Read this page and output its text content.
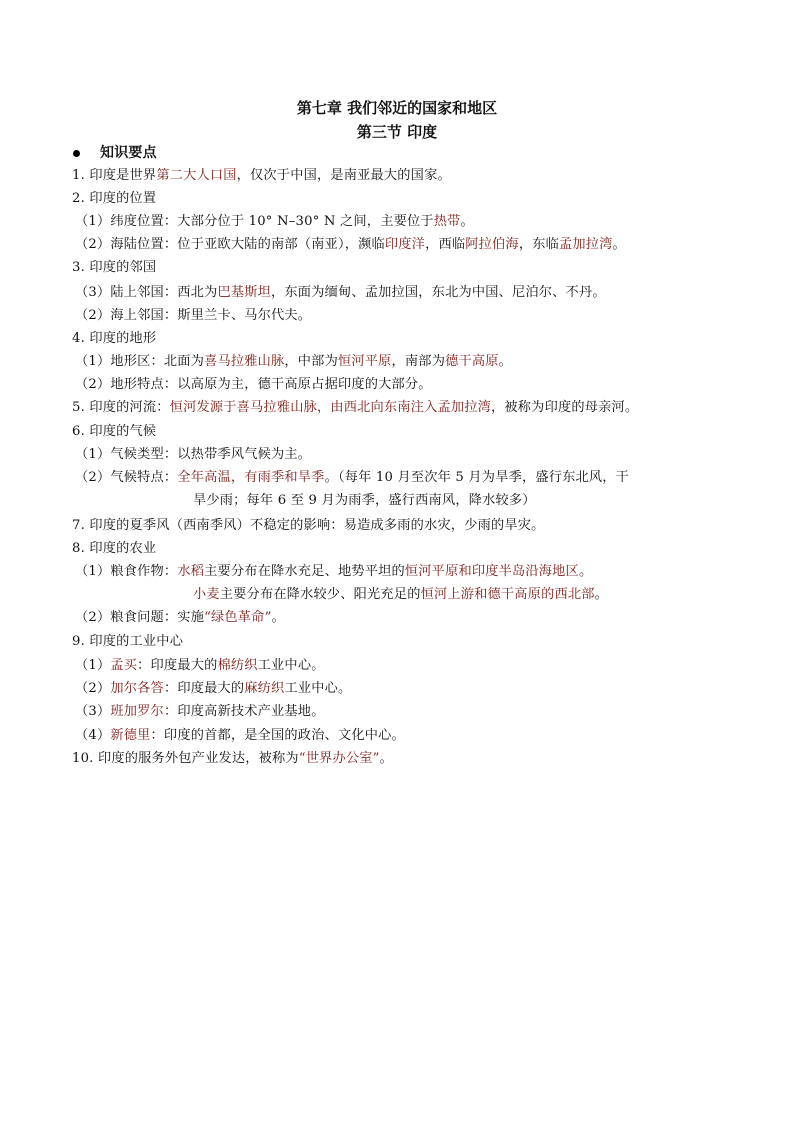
第七章 我们邻近的国家和地区
第三节 印度
知识要点
1. 印度是世界第二大人口国，仅次于中国，是南亚最大的国家。
2. 印度的位置
（1）纬度位置：大部分位于 10° N–30° N 之间，主要位于热带。
（2）海陆位置：位于亚欧大陆的南部（南亚），濒临印度洋，西临阿拉伯海，东临孟加拉湾。
3. 印度的邻国
（3）陆上邻国：西北为巴基斯坦，东面为缅甸、孟加拉国，东北为中国、尼泊尔、不丹。
（2）海上邻国：斯里兰卡、马尔代夫。
4. 印度的地形
（1）地形区：北面为喜马拉雅山脉，中部为恒河平原，南部为德干高原。
（2）地形特点：以高原为主，德干高原占据印度的大部分。
5. 印度的河流：恒河发源于喜马拉雅山脉，由西北向东南注入孟加拉湾，被称为印度的母亲河。
6. 印度的气候
（1）气候类型：以热带季风气候为主。
（2）气候特点：全年高温，有雨季和旱季。（每年 10 月至次年 5 月为旱季，盛行东北风，干
旱少雨；每年 6 至 9 月为雨季，盛行西南风，降水较多）
7. 印度的夏季风（西南季风）不稳定的影响：易造成多雨的水灾，少雨的旱灾。
8. 印度的农业
（1）粮食作物：水稻主要分布在降水充足、地势平坦的恒河平原和印度半岛沿海地区。
小麦主要分布在降水较少、阳光充足的恒河上游和德干高原的西北部。
（2）粮食问题：实施“绿色革命”。
9. 印度的工业中心
（1）孟买：印度最大的棉纺织工业中心。
（2）加尔各答：印度最大的麻纺织工业中心。
（3）班加罗尔：印度高新技术产业基地。
（4）新德里：印度的首都，是全国的政治、文化中心。
10. 印度的服务外包产业发达，被称为“世界办公室”。
